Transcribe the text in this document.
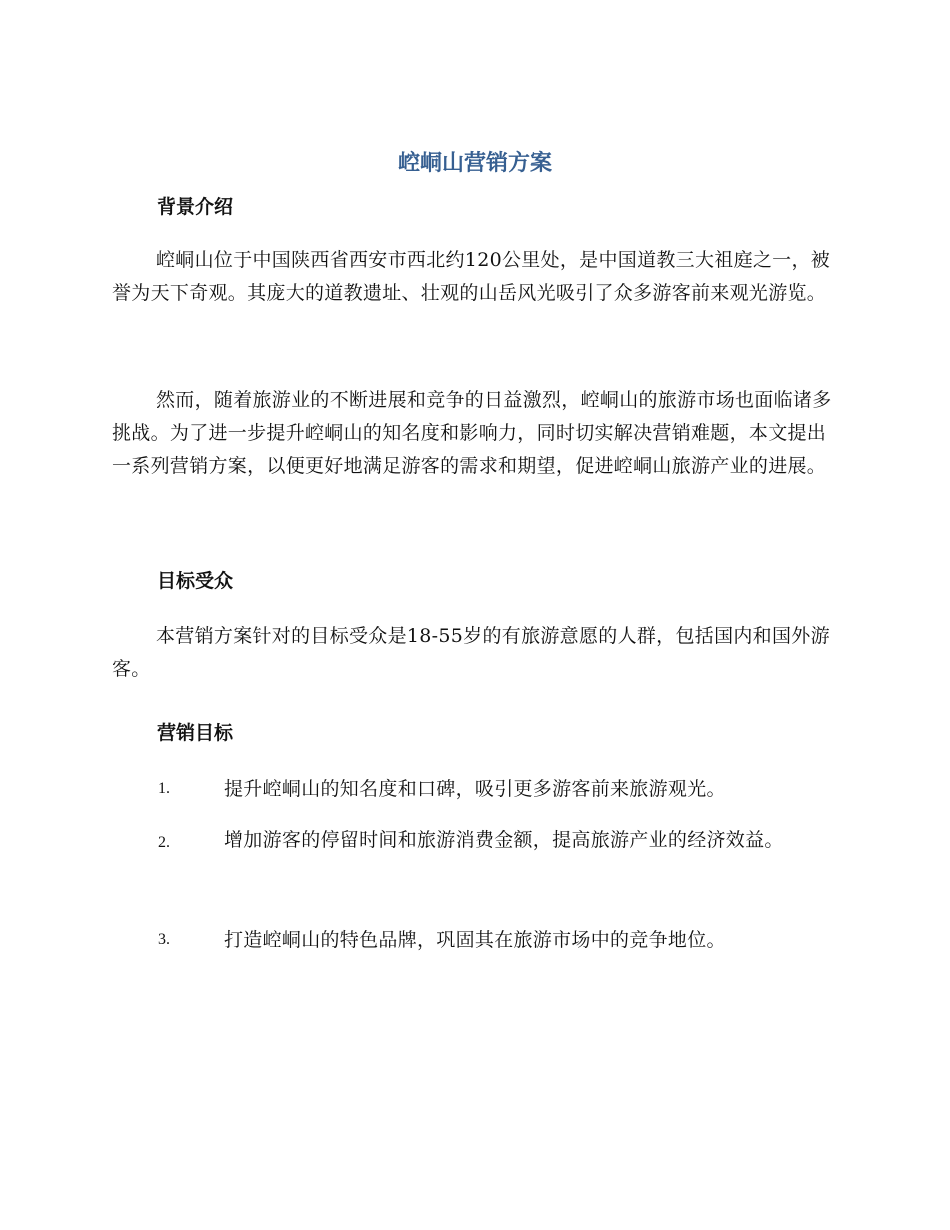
崆峒山营销方案
背景介绍

崆峒山位于中国陕西省西安市西北约120公里处，是中国道教三大祖庭之一，被誉为天下奇观。其庞大的道教遗址、壮观的山岳风光吸引了众多游客前来观光游览。

然而，随着旅游业的不断进展和竞争的日益激烈，崆峒山的旅游市场也面临诸多挑战。为了进一步提升崆峒山的知名度和影响力，同时切实解决营销难题，本文提出一系列营销方案，以便更好地满足游客的需求和期望，促进崆峒山旅游产业的进展。

目标受众

本营销方案针对的目标受众是18-55岁的有旅游意愿的人群，包括国内和国外游客。

营销目标
1.	提升崆峒山的知名度和口碑，吸引更多游客前来旅游观光。
2.	增加游客的停留时间和旅游消费金额，提高旅游产业的经济效益。
3.	打造崆峒山的特色品牌，巩固其在旅游市场中的竞争地位。
